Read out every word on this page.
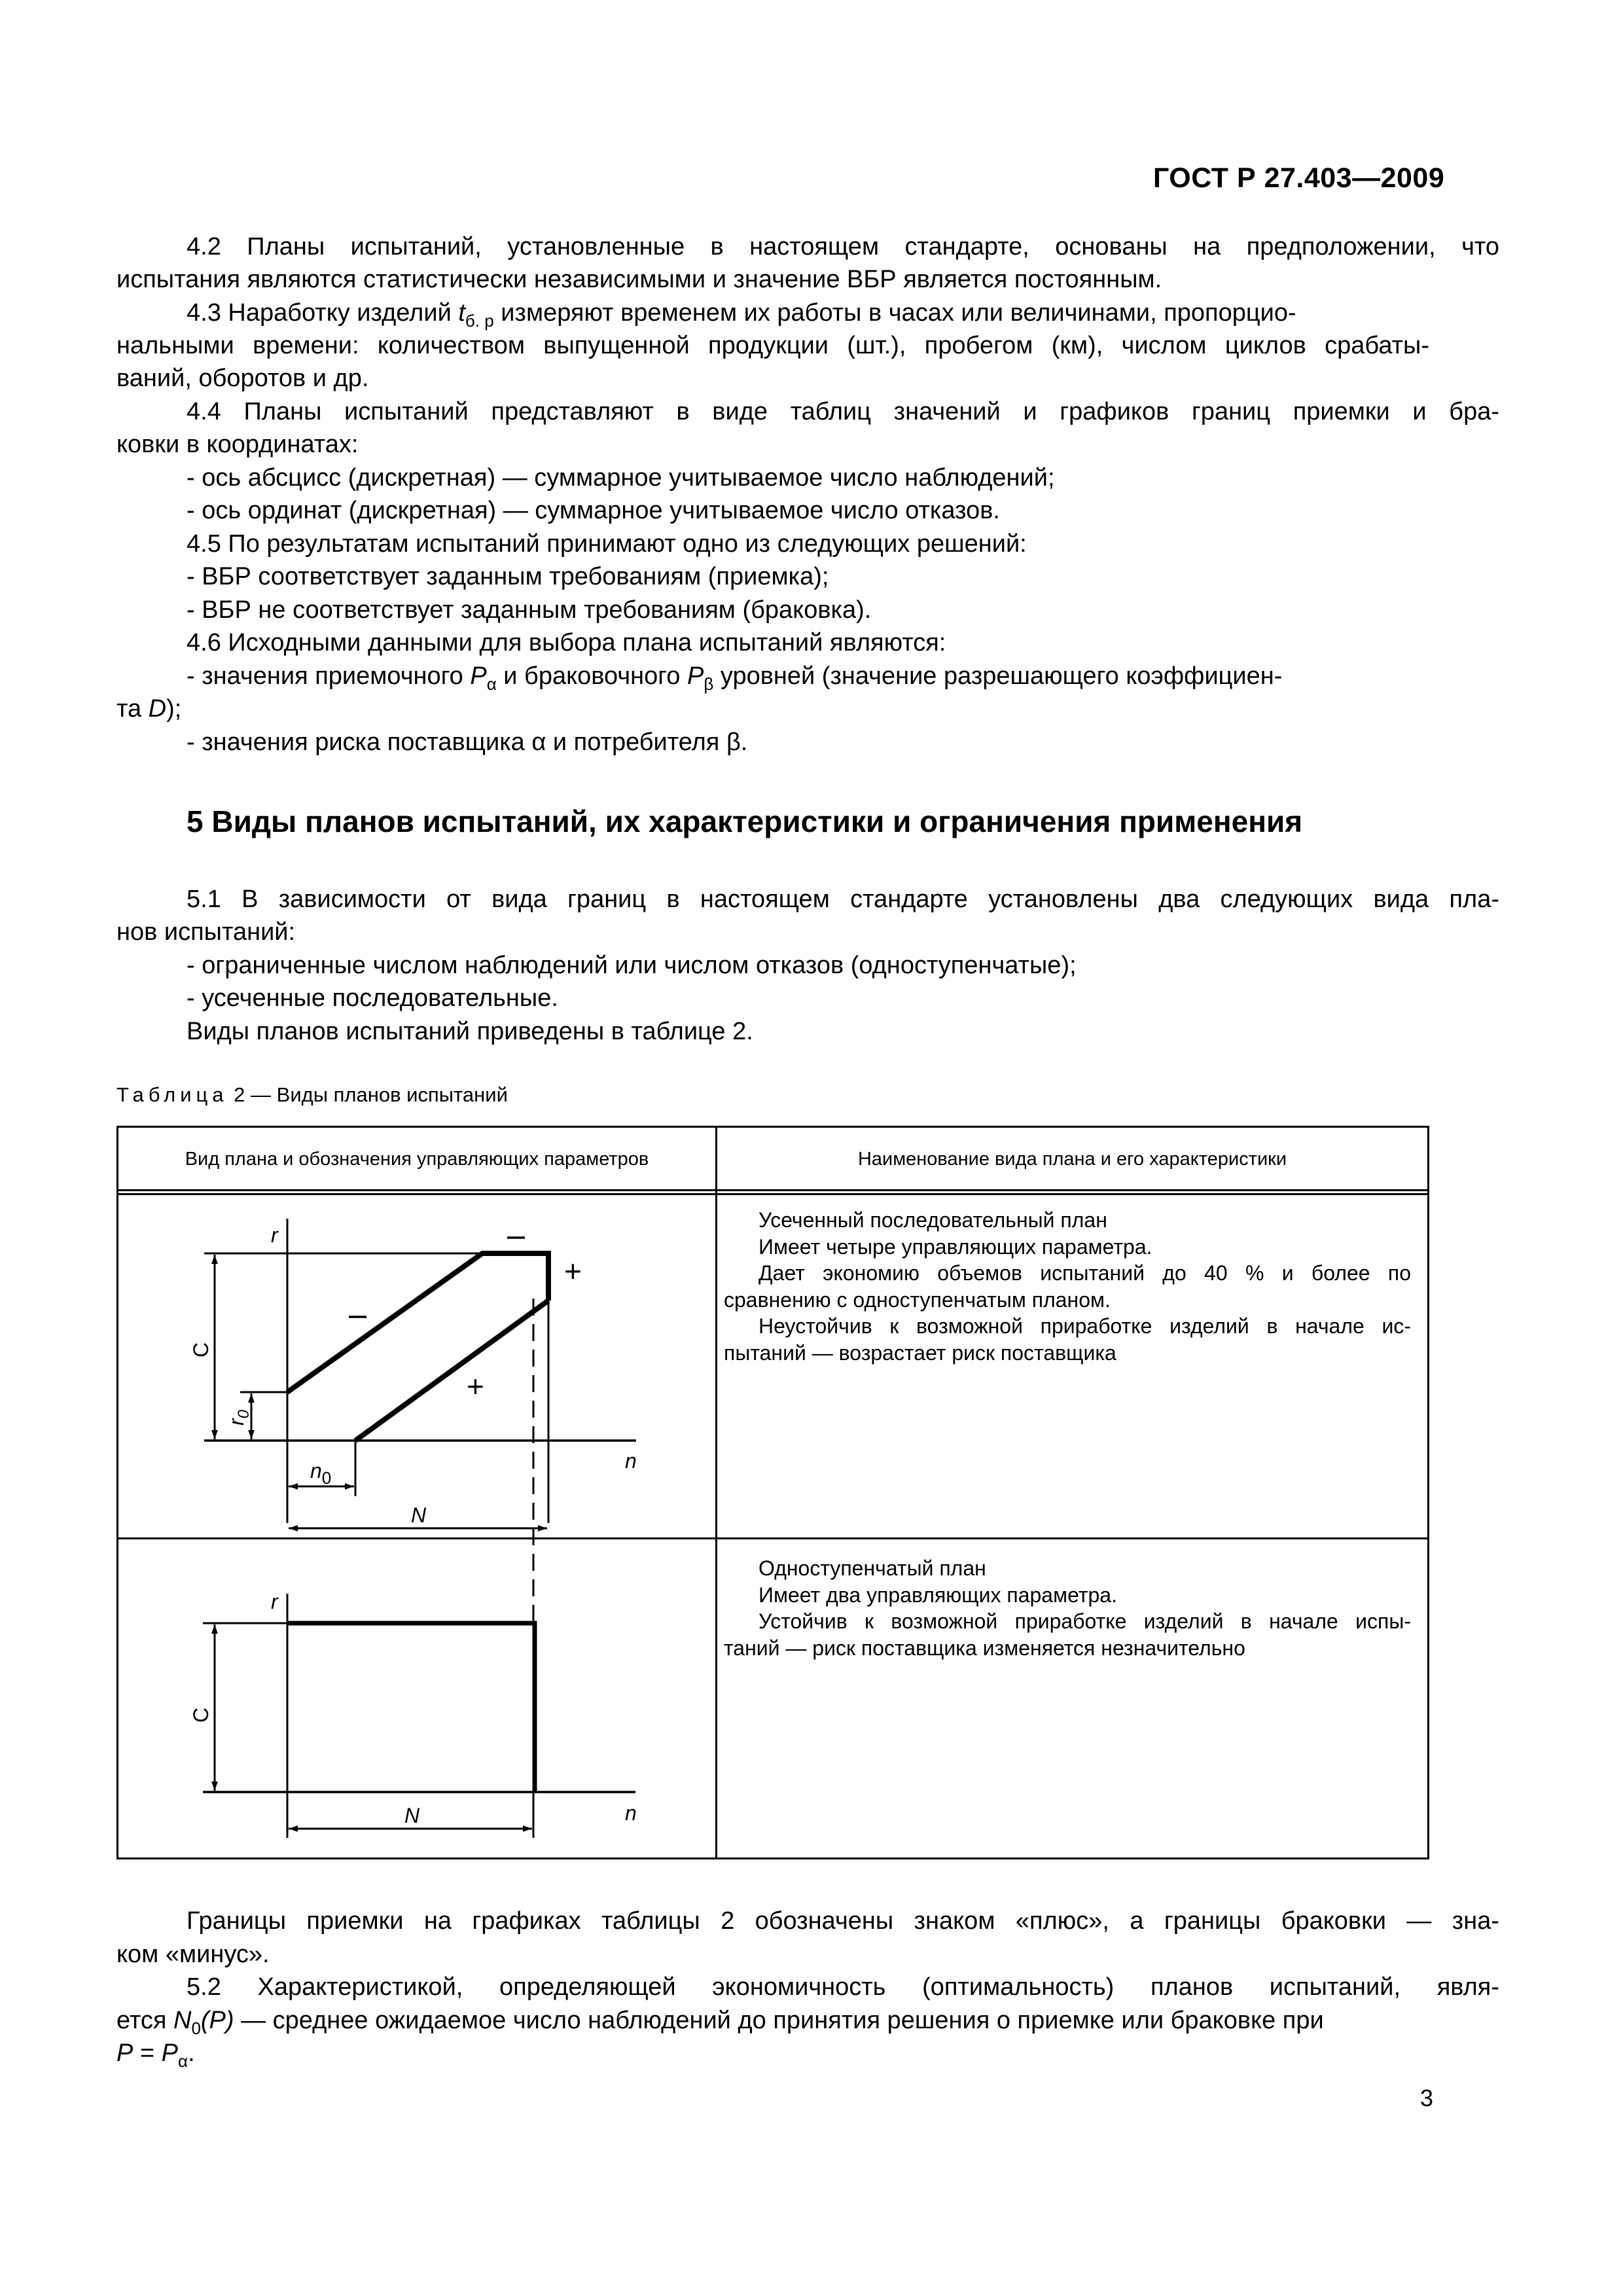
ГОСТ Р 27.403—2009
4.2 Планы испытаний, установленные в настоящем стандарте, основаны на предположении, что
испытания являются статистически независимыми и значение ВБР является постоянным.
4.3 Наработку изделий $t_{б. р}$ измеряют временем их работы в часах или величинами, пропорцио-
нальными времени: количеством выпущенной продукции (шт.), пробегом (км), числом циклов срабаты-
ваний, оборотов и др.
4.4 Планы испытаний представляют в виде таблиц значений и графиков границ приемки и бра-
ковки в координатах:
- ось абсцисс (дискретная) — суммарное учитываемое число наблюдений;
- ось ординат (дискретная) — суммарное учитываемое число отказов.
4.5 По результатам испытаний принимают одно из следующих решений:
- ВБР соответствует заданным требованиям (приемка);
- ВБР не соответствует заданным требованиям (браковка).
4.6 Исходными данными для выбора плана испытаний являются:
- значения приемочного $P_\alpha$ и браковочного $P_\beta$ уровней (значение разрешающего коэффициен-
та D);
- значения риска поставщика α и потребителя β.
5 Виды планов испытаний, их характеристики и ограничения применения
5.1 В зависимости от вида границ в настоящем стандарте установлены два следующих вида пла-
нов испытаний:
- ограниченные числом наблюдений или числом отказов (одноступенчатые);
- усеченные последовательные.
Виды планов испытаний приведены в таблице 2.
Таблица 2 — Виды планов испытаний
Вид плана и обозначения управляющих параметров	Наименование вида плана и его характеристики
Усеченный последовательный план
Имеет четыре управляющих параметра.
Дает экономию объемов испытаний до 40 % и более по
сравнению с одноступенчатым планом.
Неустойчив к возможной приработке изделий в начале ис-
пытаний — возрастает риск поставщика
Одноступенчатый план
Имеет два управляющих параметра.
Устойчив к возможной приработке изделий в начале испы-
таний — риск поставщика изменяется незначительно
r
n
C
$r_0$
$n_0$
N
+
+
r
n
C
N
Границы приемки на графиках таблицы 2 обозначены знаком «плюс», а границы браковки — зна-
ком «минус».
5.2 Характеристикой, определяющей экономичность (оптимальность) планов испытаний, явля-
ется $N_0(P)$ — среднее ожидаемое число наблюдений до принятия решения о приемке или браковке при
$P = P_\alpha$.
3
